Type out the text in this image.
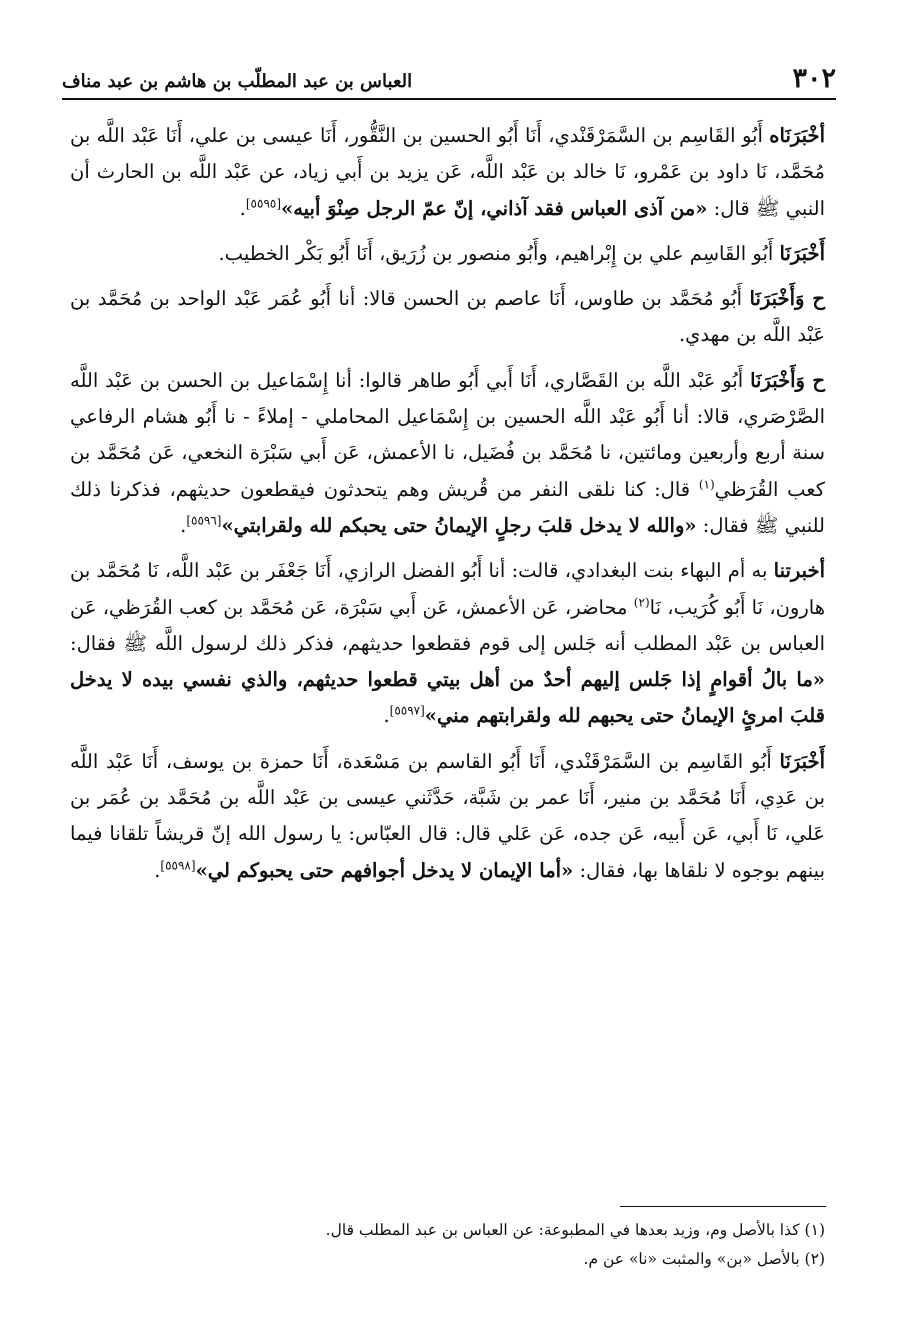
٣٠٢
العباس بن عبد المطلّب بن هاشم بن عبد مناف

أخْبَرَنَاه أَبُو القَاسِم بن السَّمَرْقَنْدي، أَنَا أَبُو الحسين بن النَّقُّور، أَنَا عيسى بن علي، أَنَا عَبْد اللَّه بن مُحَمَّد، نَا داود بن عَمْرو، نَا خالد بن عَبْد اللَّه، عَن يزيد بن أَبي زياد، عن عَبْد اللَّه بن الحارث أن النبي ﷺ قال: «من آذى العباس فقد آذاني، إنّ عمّ الرجل صِنْوَ أبيه»[٥٥٩٥].

أَخْبَرَنَا أَبُو القَاسِم علي بن إِبْراهيم، وأَبُو منصور بن زُرَيق، أَنَا أَبُو بَكْر الخطيب.

ح وَأَخْبَرَنَا أَبُو مُحَمَّد بن طاوس، أَنَا عاصم بن الحسن قالا: أنا أَبُو عُمَر عَبْد الواحد بن مُحَمَّد بن عَبْد اللَّه بن مهدي.

ح وَأَخْبَرَنَا أَبُو عَبْد اللَّه بن القَصَّاري، أَنَا أَبي أَبُو طاهر قالوا: أنا إِسْمَاعيل بن الحسن بن عَبْد اللَّه الصَّرْصَري، قالا: أنا أَبُو عَبْد اللَّه الحسين بن إِسْمَاعيل المحاملي - إملاءً - نا أَبُو هشام الرفاعي سنة أربع وأربعين ومائتين، نا مُحَمَّد بن فُضَيل، نا الأعمش، عَن أَبي سَبْرَة النخعي، عَن مُحَمَّد بن كعب القُرَظي$^{(١)}$ قال: كنا نلقى النفر من قُريش وهم يتحدثون فيقطعون حديثهم، فذكرنا ذلك للنبي ﷺ فقال: «والله لا يدخل قلبَ رجلٍ الإيمانُ حتى يحبكم لله ولقرابتي»[٥٥٩٦].

أخبرتنا به أم البهاء بنت البغدادي، قالت: أنا أَبُو الفضل الرازي، أَنَا جَعْفَر بن عَبْد اللَّه، نَا مُحَمَّد بن هارون، نَا أَبُو كُرَيب، نَا$^{(٢)}$ محاضر، عَن الأعمش، عَن أَبي سَبْرَة، عَن مُحَمَّد بن كعب القُرَظي، عَن العباس بن عَبْد المطلب أنه جَلس إلى قوم فقطعوا حديثهم، فذكر ذلك لرسول اللَّه ﷺ فقال: «ما بالُ أقوامٍ إذا جَلس إليهم أحدٌ من أهل بيتي قطعوا حديثهم، والذي نفسي بيده لا يدخل قلبَ امرئٍ الإيمانُ حتى يحبهم لله ولقرابتهم مني»[٥٥٩٧].

أَخْبَرَنَا أَبُو القَاسِم بن السَّمَرْقَنْدي، أَنَا أَبُو القاسم بن مَسْعَدة، أَنَا حمزة بن يوسف، أَنَا عَبْد اللَّه بن عَدِي، أَنَا مُحَمَّد بن منير، أَنَا عمر بن شَبَّة، حَدَّثَني عيسى بن عَبْد اللَّه بن مُحَمَّد بن عُمَر بن عَلي، نَا أَبي، عَن أَبيه، عَن جده، عَن عَلي قال: قال العبّاس: يا رسول الله إنّ قريشاً تلقانا فيما بينهم بوجوه لا نلقاها بها، فقال: «أما الإيمان لا يدخل أجوافهم حتى يحبوكم لي»[٥٥٩٨].

(١) كذا بالأصل وم، وزيد بعدها في المطبوعة: عن العباس بن عبد المطلب قال.

(٢) بالأصل «بن» والمثبت «نا» عن م.
